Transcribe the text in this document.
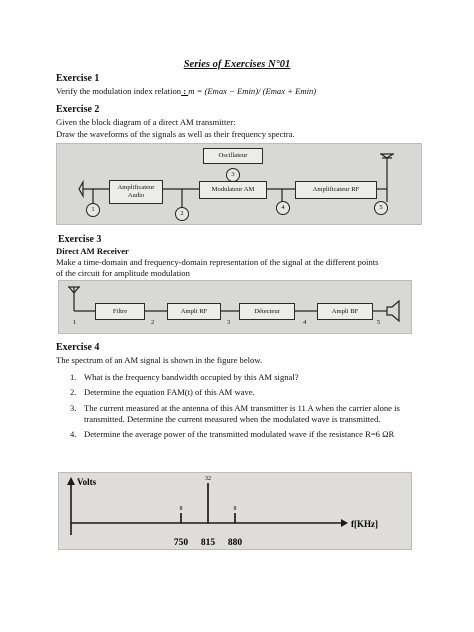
Series of Exercises N°01
Exercise 1
Verify the modulation index relation : m = (Emax − Emin)/ (Emax + Emin)
Exercise 2
Given the block diagram of a direct AM transmitter:
Draw the waveforms of the signals as well as their frequency spectra.
Oscillateur
Amplificateur Audio
Modulateur AM	Amplificateur RF
1
2
3
4	5
Exercise 3
Direct AM Receiver
Make a time-domain and frequency-domain representation of the signal at the different points
of the circuit for amplitude modulation
Filtre	Ampli RF	Détecteur	Ampli BF
1	2	3	4	5
Exercise 4
The spectrum of an AM signal is shown in the figure below.
1. What is the frequency bandwidth occupied by this AM signal?
2. Determine the equation FAM(t) of this AM wave.
3. The current measured at the antenna of this AM transmitter is 11 A when the carrier alone is transmitted. Determine the current measured when the modulated wave is transmitted.
4. Determine the average power of the transmitted modulated wave if the resistance R=6 ΩR
Volts
f[KHz]
8
750
32
815
8
880
